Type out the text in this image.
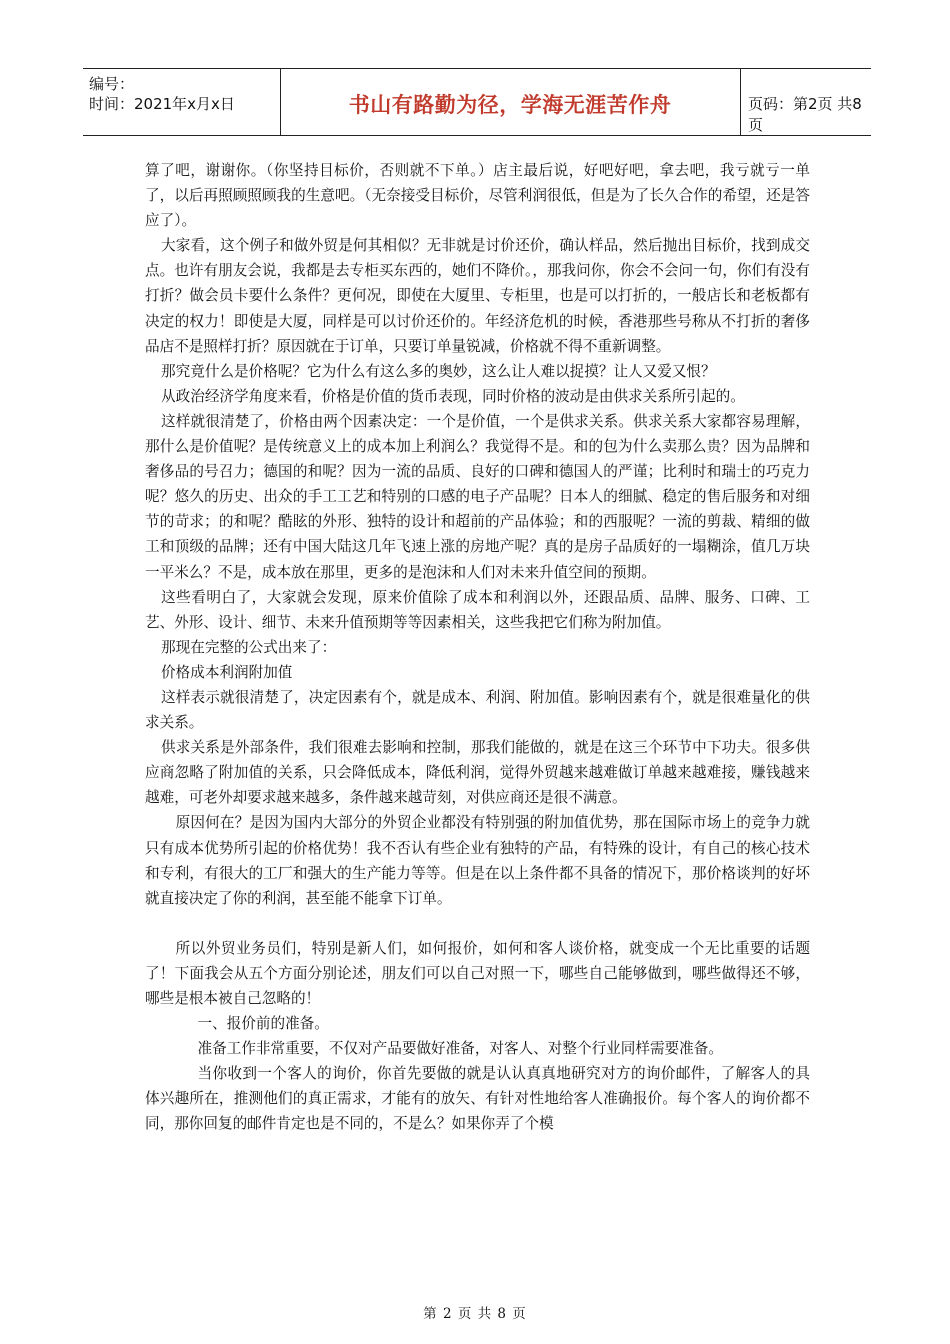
编号：
时间：2021年x月x日	书山有路勤为径，学海无涯苦作舟	页码：第2页 共8页

算了吧，谢谢你。（你坚持目标价，否则就不下单。）店主最后说，好吧好吧，拿去吧，我亏就亏一单了，以后再照顾照顾我的生意吧。（无奈接受目标价，尽管利润很低，但是为了长久合作的希望，还是答应了）。

大家看，这个例子和做外贸是何其相似？无非就是讨价还价，确认样品，然后抛出目标价，找到成交点。也许有朋友会说，我都是去专柜买东西的，她们不降价。，那我问你，你会不会问一句，你们有没有打折？做会员卡要什么条件？更何况，即使在大厦里、专柜里，也是可以打折的，一般店长和老板都有决定的权力！即使是大厦，同样是可以讨价还价的。年经济危机的时候，香港那些号称从不打折的奢侈品店不是照样打折？原因就在于订单，只要订单量锐减，价格就不得不重新调整。

那究竟什么是价格呢？它为什么有这么多的奥妙，这么让人难以捉摸？让人又爱又恨？

从政治经济学角度来看，价格是价值的货币表现，同时价格的波动是由供求关系所引起的。

这样就很清楚了，价格由两个因素决定：一个是价值，一个是供求关系。供求关系大家都容易理解，那什么是价值呢？是传统意义上的成本加上利润么？我觉得不是。和的包为什么卖那么贵？因为品牌和奢侈品的号召力；德国的和呢？因为一流的品质、良好的口碑和德国人的严谨；比利时和瑞士的巧克力呢？悠久的历史、出众的手工工艺和特别的口感的电子产品呢？日本人的细腻、稳定的售后服务和对细节的苛求；的和呢？酷眩的外形、独特的设计和超前的产品体验；和的西服呢？一流的剪裁、精细的做工和顶级的品牌；还有中国大陆这几年飞速上涨的房地产呢？真的是房子品质好的一塌糊涂，值几万块一平米么？不是，成本放在那里，更多的是泡沫和人们对未来升值空间的预期。

这些看明白了，大家就会发现，原来价值除了成本和利润以外，还跟品质、品牌、服务、口碑、工艺、外形、设计、细节、未来升值预期等等因素相关，这些我把它们称为附加值。

那现在完整的公式出来了：

价格成本利润附加值

这样表示就很清楚了，决定因素有个，就是成本、利润、附加值。影响因素有个，就是很难量化的供求关系。

供求关系是外部条件，我们很难去影响和控制，那我们能做的，就是在这三个环节中下功夫。很多供应商忽略了附加值的关系，只会降低成本，降低利润，觉得外贸越来越难做订单越来越难接，赚钱越来越难，可老外却要求越来越多，条件越来越苛刻，对供应商还是很不满意。

原因何在？是因为国内大部分的外贸企业都没有特别强的附加值优势，那在国际市场上的竞争力就只有成本优势所引起的价格优势！我不否认有些企业有独特的产品，有特殊的设计，有自己的核心技术和专利，有很大的工厂和强大的生产能力等等。但是在以上条件都不具备的情况下，那价格谈判的好坏就直接决定了你的利润，甚至能不能拿下订单。

所以外贸业务员们，特别是新人们，如何报价，如何和客人谈价格，就变成一个无比重要的话题了！下面我会从五个方面分别论述，朋友们可以自己对照一下，哪些自己能够做到，哪些做得还不够，哪些是根本被自己忽略的！

一、报价前的准备。

准备工作非常重要，不仅对产品要做好准备，对客人、对整个行业同样需要准备。

当你收到一个客人的询价，你首先要做的就是认认真真地研究对方的询价邮件，了解客人的具体兴趣所在，推测他们的真正需求，才能有的放矢、有针对性地给客人准确报价。每个客人的询价都不同，那你回复的邮件肯定也是不同的，不是么？如果你弄了个模

第 2 页 共 8 页
